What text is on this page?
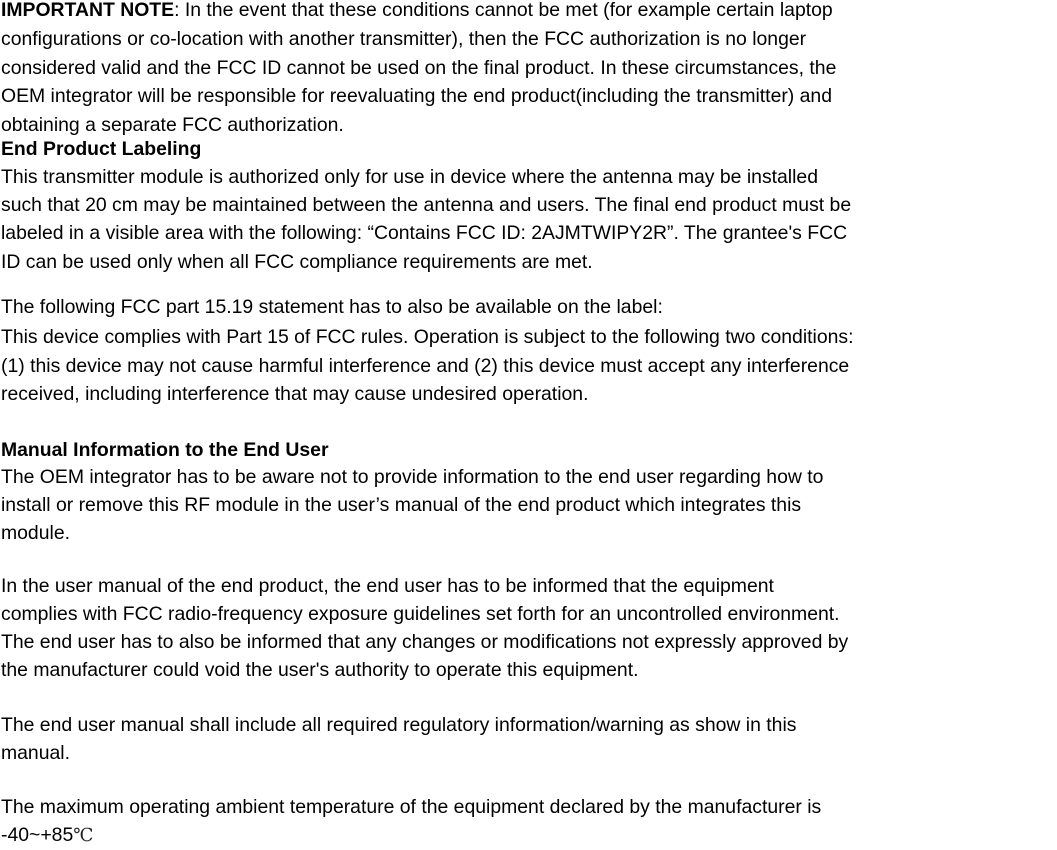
IMPORTANT NOTE: In the event that these conditions cannot be met (for example certain laptop
configurations or co-location with another transmitter), then the FCC authorization is no longer
considered valid and the FCC ID cannot be used on the final product. In these circumstances, the
OEM integrator will be responsible for reevaluating the end product(including the transmitter) and
obtaining a separate FCC authorization.
End Product Labeling
This transmitter module is authorized only for use in device where the antenna may be installed
such that 20 cm may be maintained between the antenna and users. The final end product must be
labeled in a visible area with the following: “Contains FCC ID: 2AJMTWIPY2R”. The grantee's FCC
ID can be used only when all FCC compliance requirements are met.
The following FCC part 15.19 statement has to also be available on the label:
This device complies with Part 15 of FCC rules. Operation is subject to the following two conditions:
(1) this device may not cause harmful interference and (2) this device must accept any interference
received, including interference that may cause undesired operation.
Manual Information to the End User
The OEM integrator has to be aware not to provide information to the end user regarding how to
install or remove this RF module in the user’s manual of the end product which integrates this
module.
In the user manual of the end product, the end user has to be informed that the equipment
complies with FCC radio-frequency exposure guidelines set forth for an uncontrolled environment.
The end user has to also be informed that any changes or modifications not expressly approved by
the manufacturer could void the user's authority to operate this equipment.
The end user manual shall include all required regulatory information/warning as show in this
manual.
The maximum operating ambient temperature of the equipment declared by the manufacturer is
-40~+85℃
